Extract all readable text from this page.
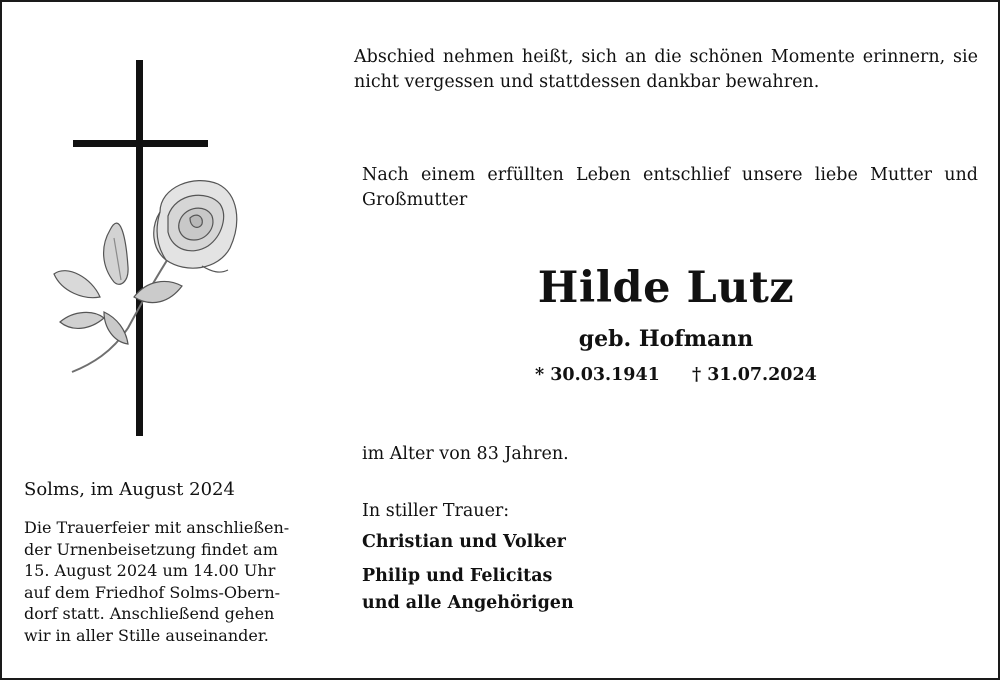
Abschied nehmen heißt, sich an die schönen Momente erinnern, sie
nicht vergessen und stattdessen dankbar bewahren.

Nach einem erfüllten Leben entschlief unsere liebe Mutter und
Großmutter

Hilde Lutz
geb. Hofmann
* 30.03.1941 † 31.07.2024
im Alter von 83 Jahren.
In stiller Trauer:
Christian und Volker
Philip und Felicitas
und alle Angehörigen
Solms, im August 2024
Die Trauerfeier mit anschließen-
der Urnenbeisetzung findet am
15. August 2024 um 14.00 Uhr
auf dem Friedhof Solms-Obern-
dorf statt. Anschließend gehen
wir in aller Stille auseinander.
